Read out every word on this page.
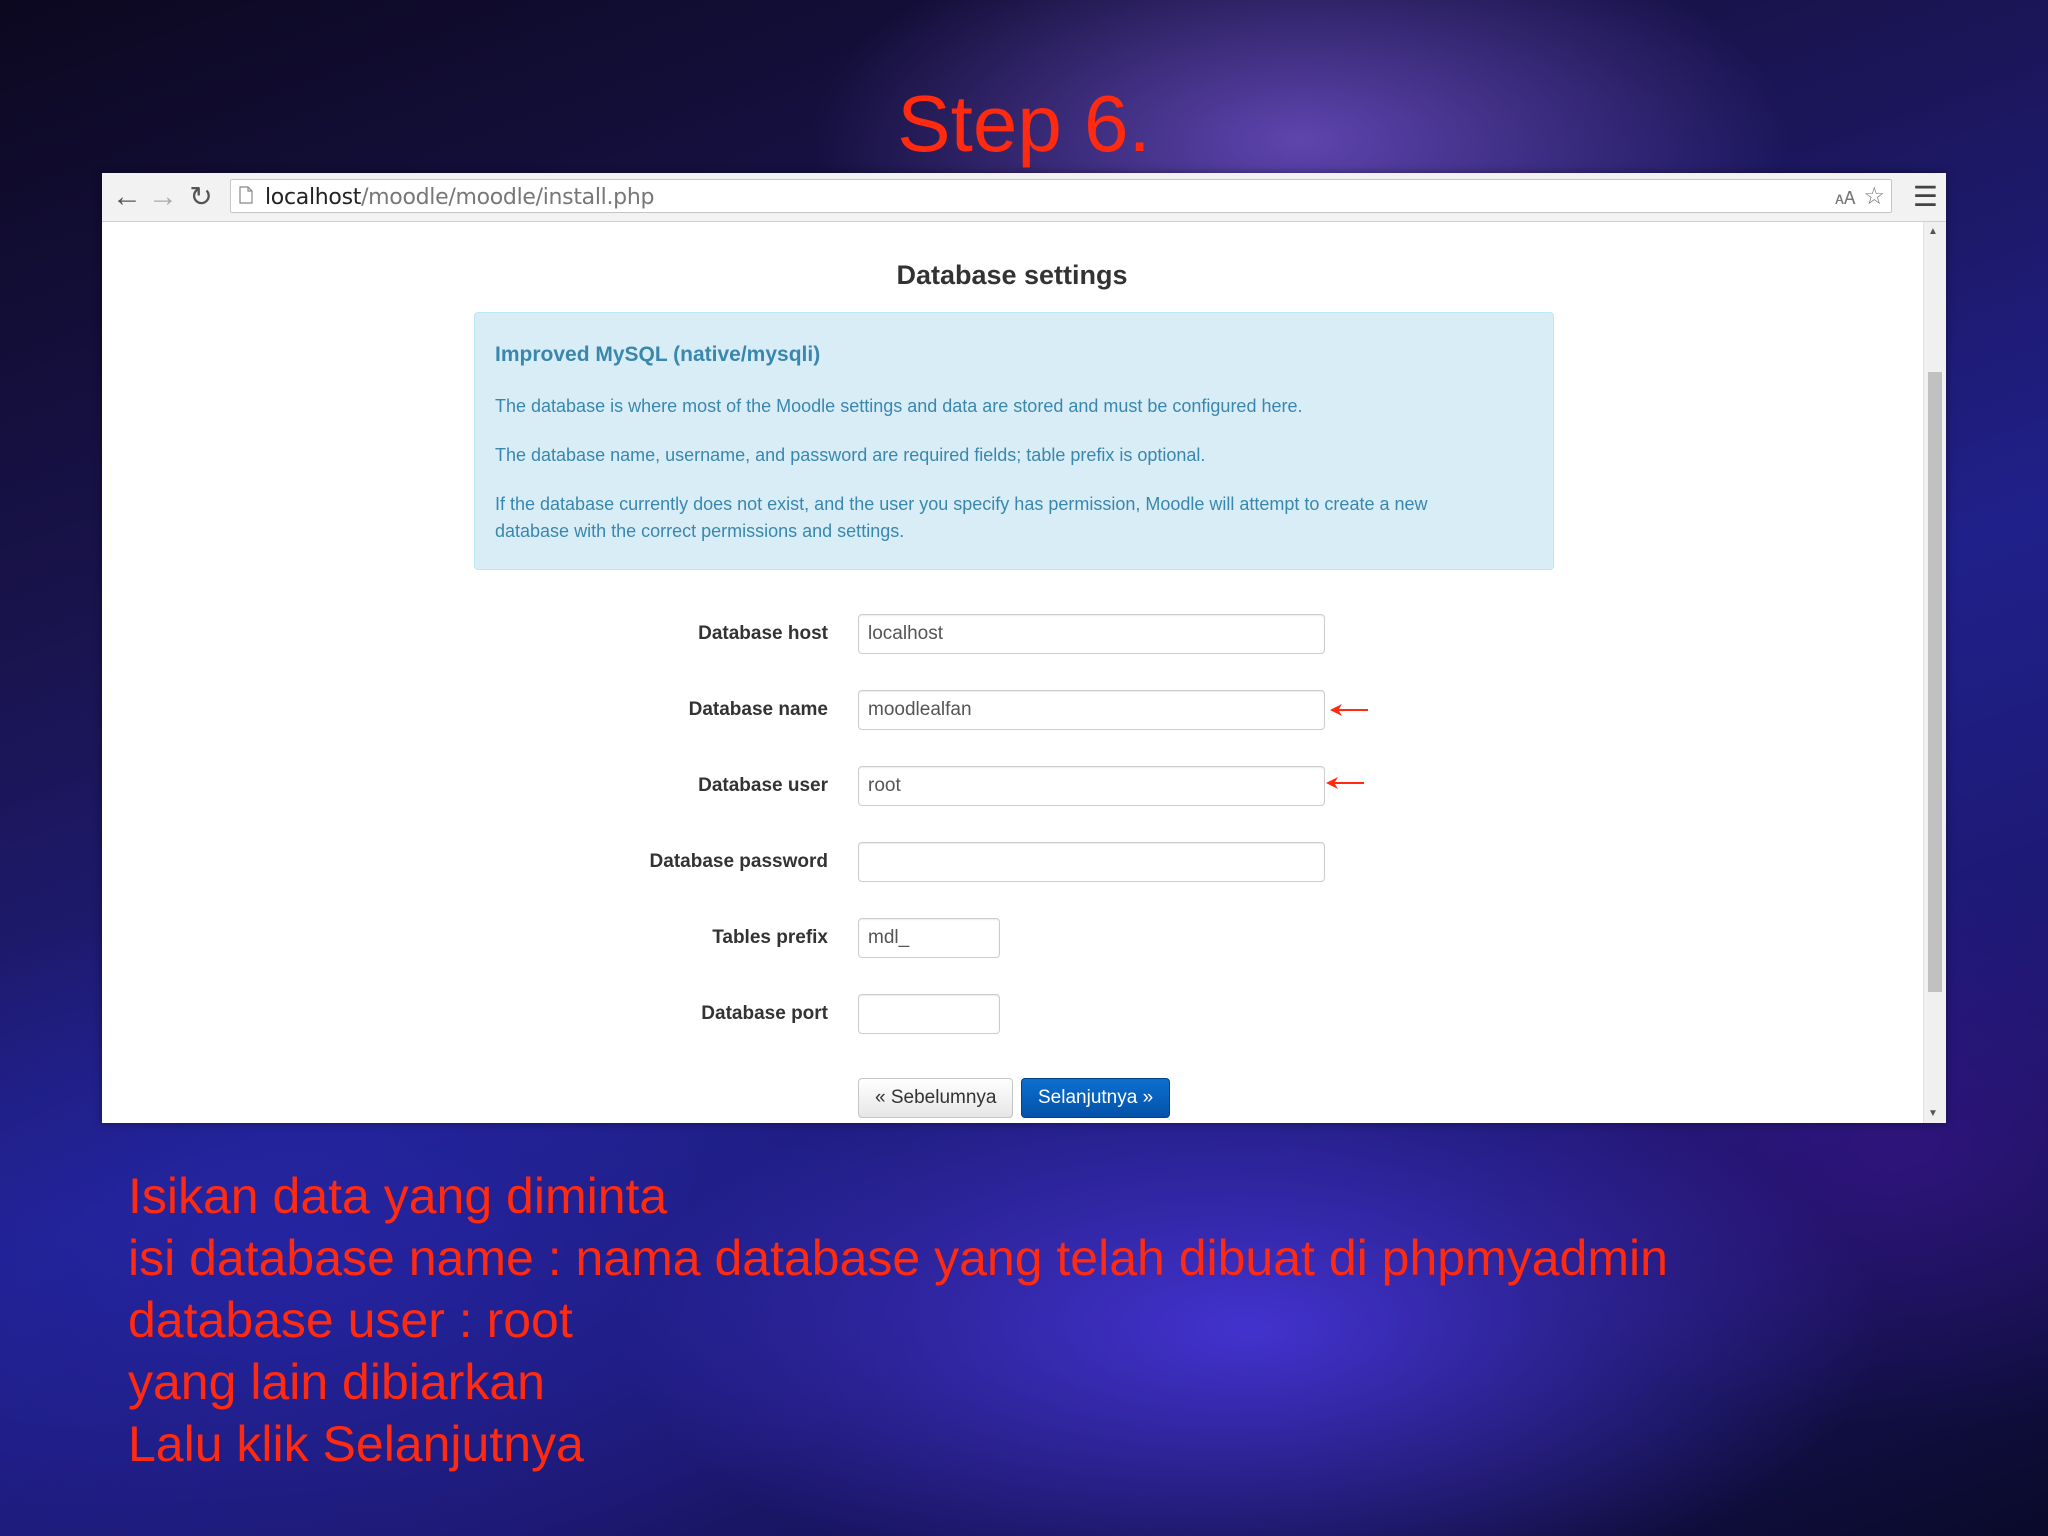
Step 6.
← → ↻ localhost/moodle/moodle/install.php	🗚 ☆ ☰
Database settings
Improved MySQL (native/mysqli)

The database is where most of the Moodle settings and data are stored and must be configured here.

The database name, username, and password are required fields; table prefix is optional.

If the database currently does not exist, and the user you specify has permission, Moodle will attempt to create a new database with the correct permissions and settings.

Database host
localhost
Database name
moodlealfan
Database user
root
Database password
Tables prefix
mdl_
Database port
« Sebelumnya	Selanjutnya »
▲
▼
Isikan data yang diminta
isi database name : nama database yang telah dibuat di phpmyadmin
database user : root
yang lain dibiarkan
Lalu klik Selanjutnya
